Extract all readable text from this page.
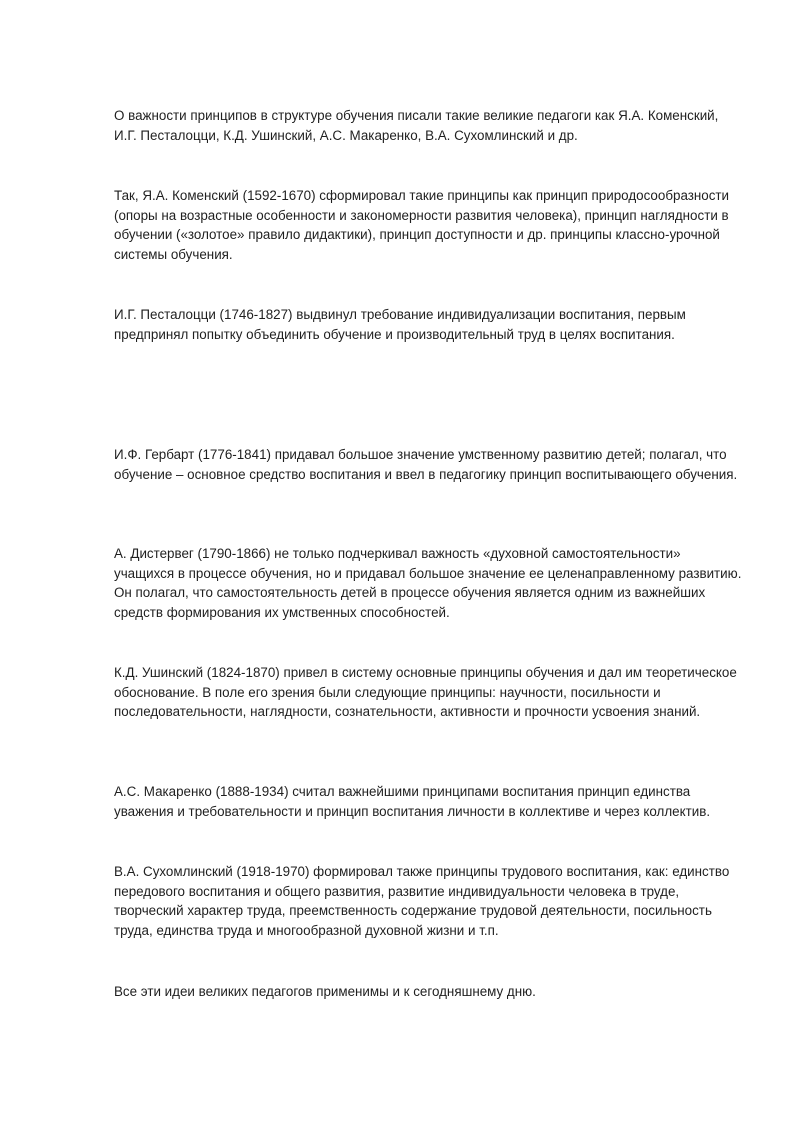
О важности принципов в структуре обучения писали такие великие педагоги как Я.А. Коменский, И.Г. Песталоцци, К.Д. Ушинский, А.С. Макаренко, В.А. Сухомлинский и др.

Так, Я.А. Коменский (1592-1670) сформировал такие принципы как принцип природосообразности (опоры на возрастные особенности и закономерности развития человека), принцип наглядности в обучении («золотое» правило дидактики), принцип доступности и др. принципы классно-урочной системы обучения.

И.Г. Песталоцци (1746-1827) выдвинул требование индивидуализации воспитания, первым предпринял попытку объединить обучение и производительный труд в целях воспитания.

И.Ф. Гербарт (1776-1841) придавал большое значение умственному развитию детей; полагал, что обучение – основное средство воспитания и ввел в педагогику принцип воспитывающего обучения.

А. Дистервег (1790-1866) не только подчеркивал важность «духовной самостоятельности» учащихся в процессе обучения, но и придавал большое значение ее целенаправленному развитию. Он полагал, что самостоятельность детей в процессе обучения является одним из важнейших средств формирования их умственных способностей.

К.Д. Ушинский (1824-1870) привел в систему основные принципы обучения и дал им теоретическое обоснование. В поле его зрения были следующие принципы: научности, посильности и последовательности, наглядности, сознательности, активности и прочности усвоения знаний.

А.С. Макаренко (1888-1934) считал важнейшими принципами воспитания принцип единства уважения и требовательности и принцип воспитания личности в коллективе и через коллектив.

В.А. Сухомлинский (1918-1970) формировал также принципы трудового воспитания, как: единство передового воспитания и общего развития, развитие индивидуальности человека в труде, творческий характер труда, преемственность содержание трудовой деятельности, посильность труда, единства труда и многообразной духовной жизни и т.п.

Все эти идеи великих педагогов применимы и к сегодняшнему дню.
